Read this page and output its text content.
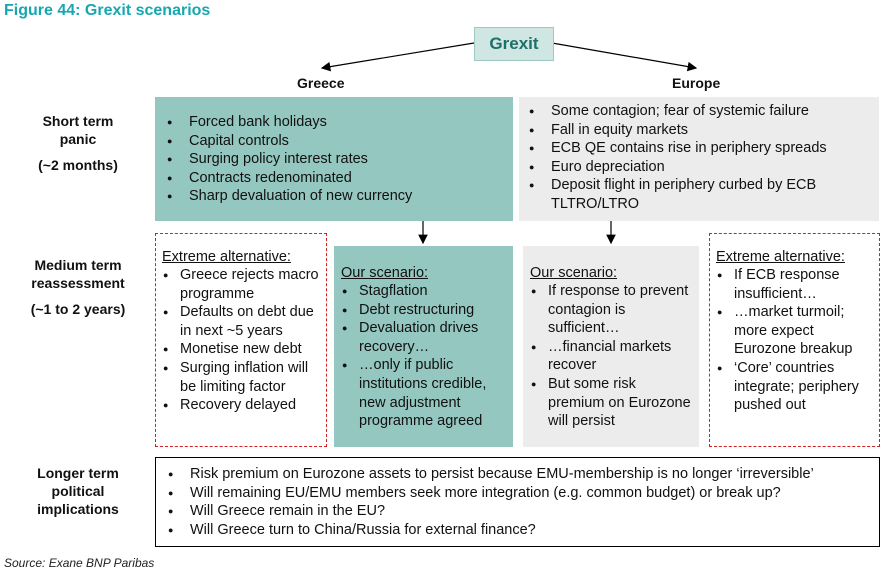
Figure 44: Grexit scenarios
Grexit
Greece	Europe
Short term
panic
(~2 months)
Medium term
reassessment
(~1 to 2 years)
Longer term
political
implications
● Forced bank holidays
● Capital controls
● Surging policy interest rates
● Contracts redenominated
● Sharp devaluation of new currency
● Some contagion; fear of systemic failure
● Fall in equity markets
● ECB QE contains rise in periphery spreads
● Euro depreciation
● Deposit flight in periphery curbed by ECB TLTRO/LTRO
Extreme alternative:
● Greece rejects macro programme
● Defaults on debt due in next ~5 years
● Monetise new debt
● Surging inflation will be limiting factor
● Recovery delayed
Our scenario:
● Stagflation
● Debt restructuring
● Devaluation drives recovery…
● …only if public institutions credible, new adjustment programme agreed
Our scenario:
● If response to prevent contagion is sufficient…
● …financial markets recover
● But some risk premium on Eurozone will persist
Extreme alternative:
● If ECB response insufficient…
● …market turmoil; more expect Eurozone breakup
● ‘Core’ countries integrate; periphery pushed out
● Risk premium on Eurozone assets to persist because EMU-membership is no longer ‘irreversible’
● Will remaining EU/EMU members seek more integration (e.g. common budget) or break up?
● Will Greece remain in the EU?
● Will Greece turn to China/Russia for external finance?
Source: Exane BNP Paribas
